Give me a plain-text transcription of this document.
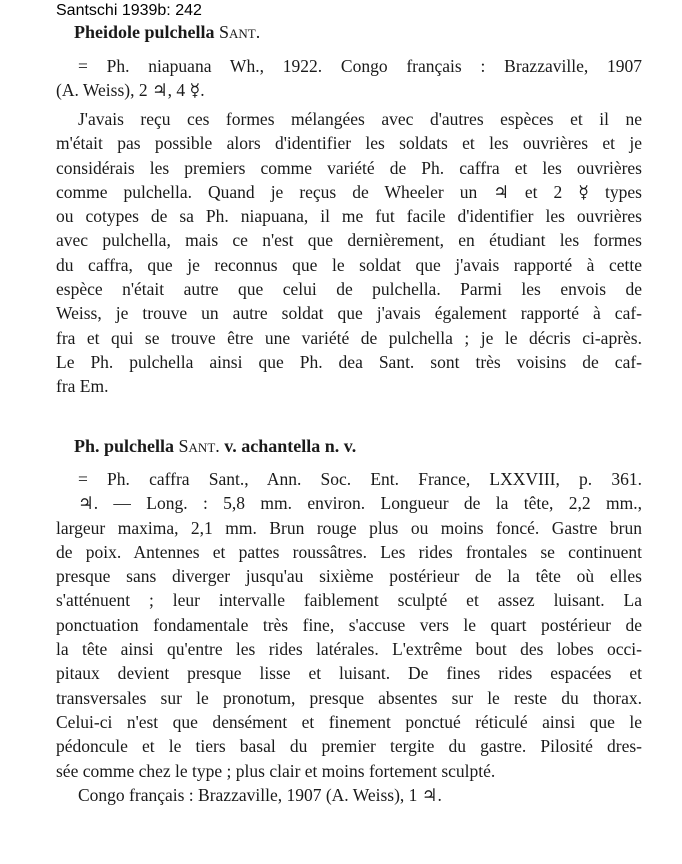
Santschi 1939b: 242
Pheidole pulchella Sant.
= Ph. niapuana Wh., 1922. Congo français : Brazzaville, 1907
(A. Weiss), 2 ♃, 4 ☿.
J'avais reçu ces formes mélangées avec d'autres espèces et il ne
m'était pas possible alors d'identifier les soldats et les ouvrières et je
considérais les premiers comme variété de Ph. caffra et les ouvrières
comme pulchella. Quand je reçus de Wheeler un ♃ et 2 ☿ types
ou cotypes de sa Ph. niapuana, il me fut facile d'identifier les ouvrières
avec pulchella, mais ce n'est que dernièrement, en étudiant les formes
du caffra, que je reconnus que le soldat que j'avais rapporté à cette
espèce n'était autre que celui de pulchella. Parmi les envois de
Weiss, je trouve un autre soldat que j'avais également rapporté à caf-
fra et qui se trouve être une variété de pulchella ; je le décris ci-après.
Le Ph. pulchella ainsi que Ph. dea Sant. sont très voisins de caf-
fra Em.
Ph. pulchella Sant. v. achantella n. v.
= Ph. caffra Sant., Ann. Soc. Ent. France, LXXVIII, p. 361.
♃. — Long. : 5,8 mm. environ. Longueur de la tête, 2,2 mm.,
largeur maxima, 2,1 mm. Brun rouge plus ou moins foncé. Gastre brun
de poix. Antennes et pattes roussâtres. Les rides frontales se continuent
presque sans diverger jusqu'au sixième postérieur de la tête où elles
s'atténuent ; leur intervalle faiblement sculpté et assez luisant. La
ponctuation fondamentale très fine, s'accuse vers le quart postérieur de
la tête ainsi qu'entre les rides latérales. L'extrême bout des lobes occi-
pitaux devient presque lisse et luisant. De fines rides espacées et
transversales sur le pronotum, presque absentes sur le reste du thorax.
Celui-ci n'est que densément et finement ponctué réticulé ainsi que le
pédoncule et le tiers basal du premier tergite du gastre. Pilosité dres-
sée comme chez le type ; plus clair et moins fortement sculpté.
Congo français : Brazzaville, 1907 (A. Weiss), 1 ♃.
